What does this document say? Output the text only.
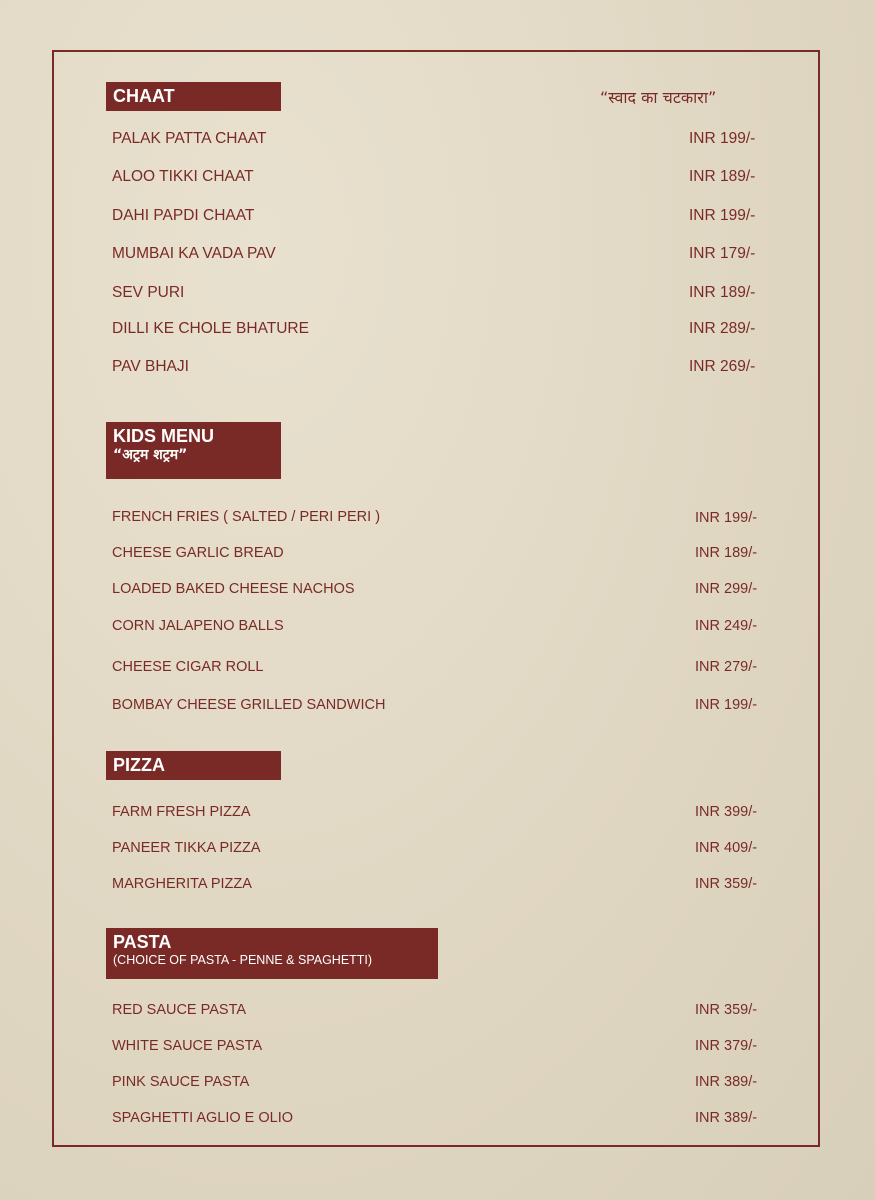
CHAAT	“स्वाद का चटकारा”
PALAK PATTA CHAAT	INR 199/-
ALOO TIKKI CHAAT	INR 189/-
DAHI PAPDI CHAAT	INR 199/-
MUMBAI KA VADA PAV	INR 179/-
SEV PURI	INR 189/-
DILLI KE CHOLE BHATURE	INR 289/-
PAV BHAJI	INR 269/-
KIDS MENU
“अट्रम शट्रम”
FRENCH FRIES ( SALTED / PERI PERI )	INR 199/-
CHEESE GARLIC BREAD	INR 189/-
LOADED BAKED CHEESE NACHOS	INR 299/-
CORN JALAPENO BALLS	INR 249/-
CHEESE CIGAR ROLL	INR 279/-
BOMBAY CHEESE GRILLED SANDWICH	INR 199/-
PIZZA
FARM FRESH PIZZA	INR 399/-
PANEER TIKKA PIZZA	INR 409/-
MARGHERITA PIZZA	INR 359/-
PASTA
(CHOICE OF PASTA - PENNE & SPAGHETTI)
RED SAUCE PASTA	INR 359/-
WHITE SAUCE PASTA	INR 379/-
PINK SAUCE PASTA	INR 389/-
SPAGHETTI AGLIO E OLIO	INR 389/-
